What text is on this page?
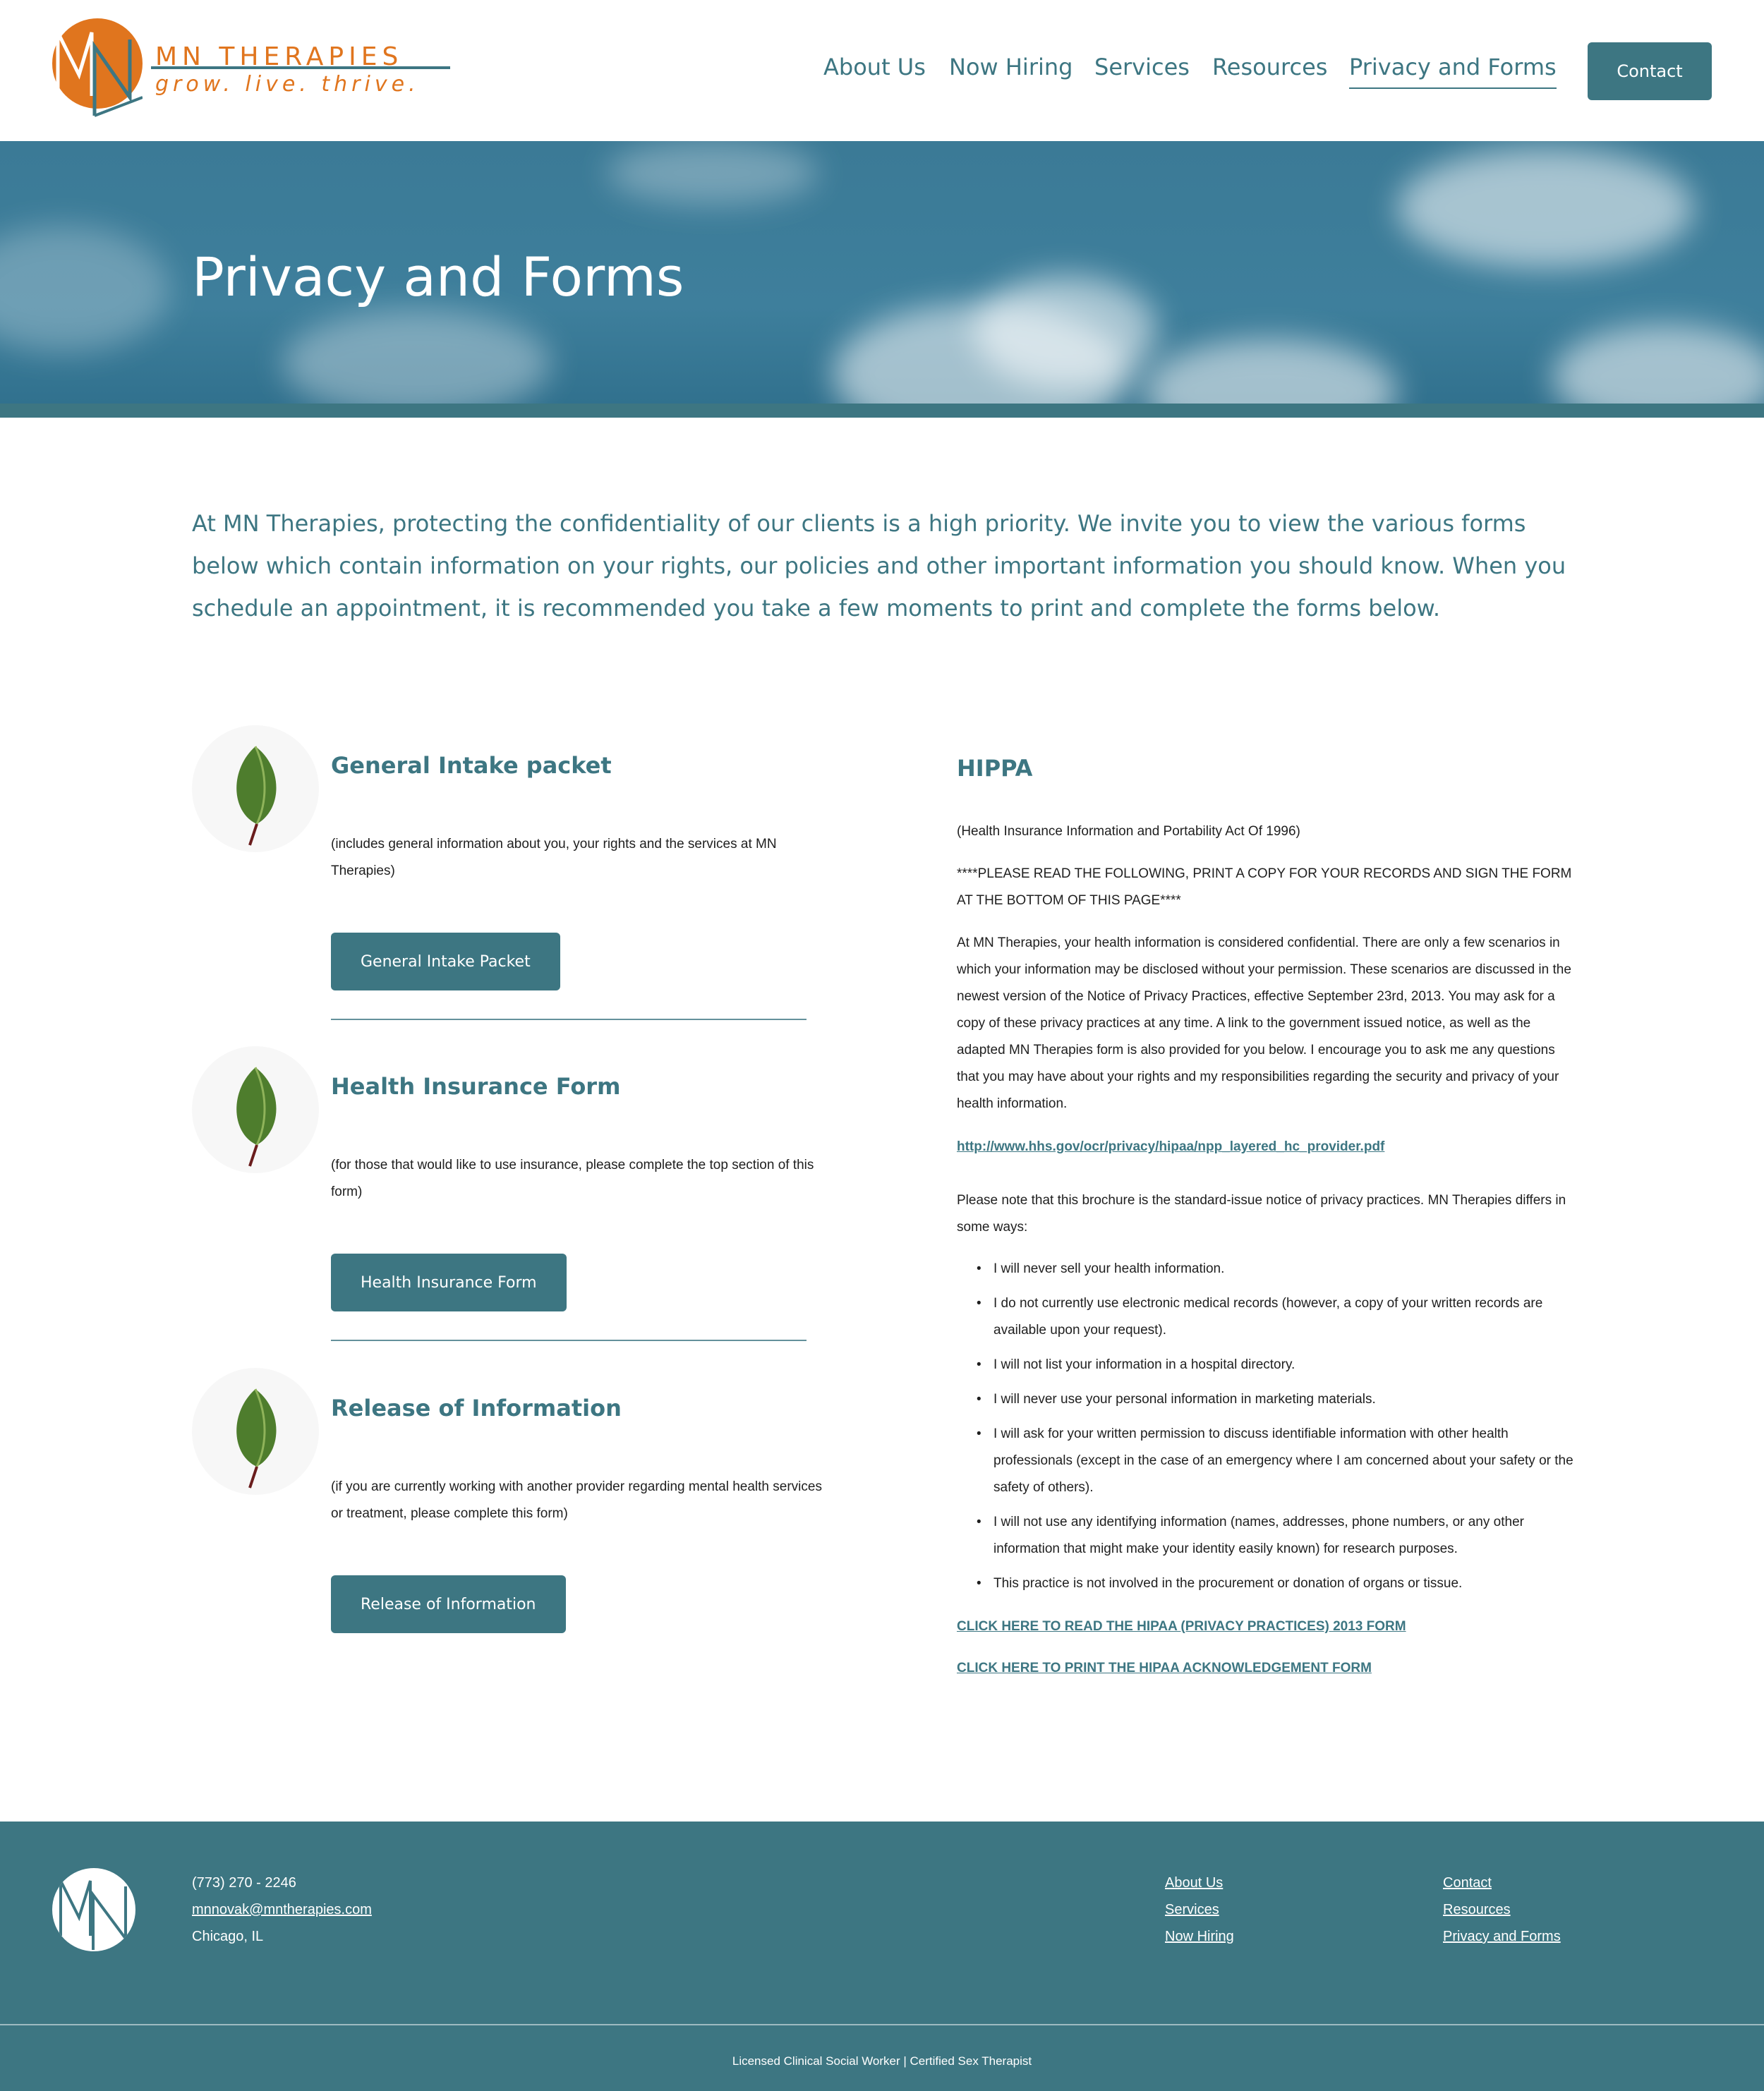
MN THERAPIES
grow. live. thrive.
About Us Now Hiring Services Resources Privacy and Forms	Contact
Privacy and Forms
At MN Therapies, protecting the confidentiality of our clients is a high priority. We invite you to view the various forms below which contain information on your rights, our policies and other important information you should know. When you schedule an appointment, it is recommended you take a few moments to print and complete the forms below.
General Intake packet
(includes general information about you, your rights and the services at MN Therapies)
General Intake Packet
Health Insurance Form
(for those that would like to use insurance, please complete the top section of this form)
Health Insurance Form
Release of Information
(if you are currently working with another provider regarding mental health services or treatment, please complete this form)
Release of Information
HIPPA

(Health Insurance Information and Portability Act Of 1996)

****PLEASE READ THE FOLLOWING, PRINT A COPY FOR YOUR RECORDS AND SIGN THE FORM AT THE BOTTOM OF THIS PAGE****

At MN Therapies, your health information is considered confidential. There are only a few scenarios in which your information may be disclosed without your permission. These scenarios are discussed in the newest version of the Notice of Privacy Practices, effective September 23rd, 2013. You may ask for a copy of these privacy practices at any time. A link to the government issued notice, as well as the adapted MN Therapies form is also provided for you below. I encourage you to ask me any questions that you may have about your rights and my responsibilities regarding the security and privacy of your health information.

http://www.hhs.gov/ocr/privacy/hipaa/npp_layered_hc_provider.pdf

Please note that this brochure is the standard-issue notice of privacy practices. MN Therapies differs in some ways:

• I will never sell your health information.
• I do not currently use electronic medical records (however, a copy of your written records are available upon your request).
• I will not list your information in a hospital directory.
• I will never use your personal information in marketing materials.
• I will ask for your written permission to discuss identifiable information with other health professionals (except in the case of an emergency where I am concerned about your safety or the safety of others).
• I will not use any identifying information (names, addresses, phone numbers, or any other information that might make your identity easily known) for research purposes.
• This practice is not involved in the procurement or donation of organs or tissue.

CLICK HERE TO READ THE HIPAA (PRIVACY PRACTICES) 2013 FORM

CLICK HERE TO PRINT THE HIPAA ACKNOWLEDGEMENT FORM

(773) 270 - 2246
mnnovak@mntherapies.com
Chicago, IL
About Us
Services
Now Hiring
Contact
Resources
Privacy and Forms
Licensed Clinical Social Worker | Certified Sex Therapist
